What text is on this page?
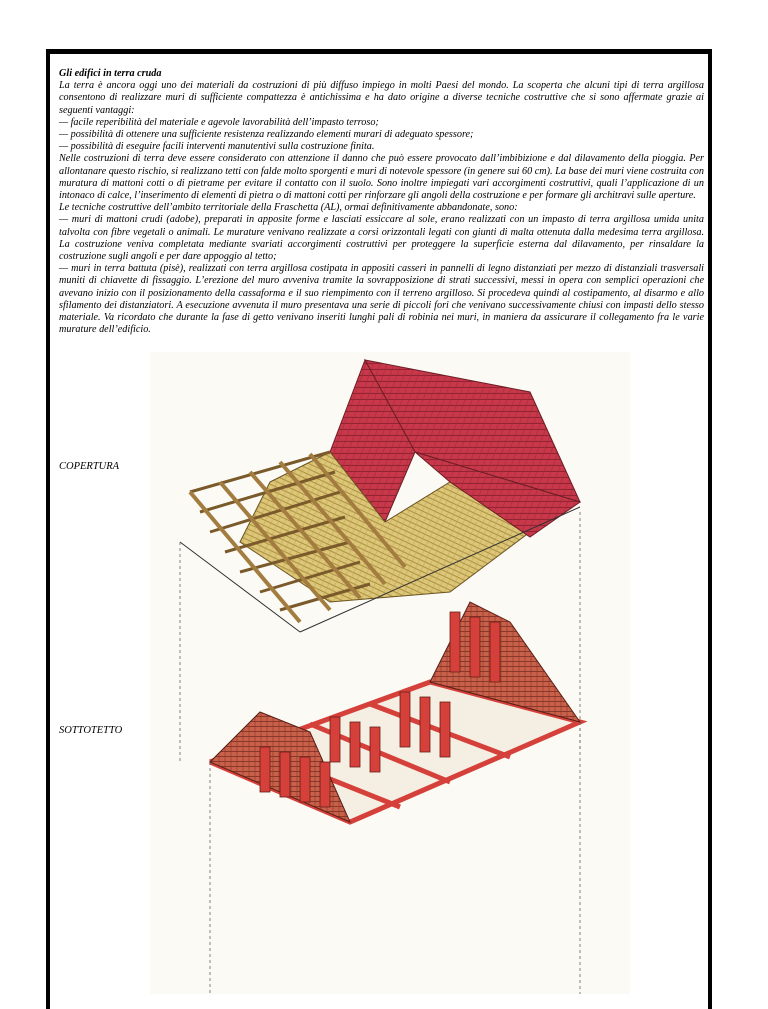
Gli edifici in terra cruda

La terra è ancora oggi uno dei materiali da costruzioni di più diffuso impiego in molti Paesi del mondo. La scoperta che alcuni tipi di terra argillosa consentono di realizzare muri di sufficiente compattezza è antichissima e ha dato origine a diverse tecniche costruttive che si sono affermate grazie ai seguenti vantaggi:

— facile reperibilità del materiale e agevole lavorabilità dell’impasto terroso;

— possibilità di ottenere una sufficiente resistenza realizzando elementi murari di adeguato spessore;

— possibilità di eseguire facili interventi manutentivi sulla costruzione finita.

Nelle costruzioni di terra deve essere considerato con attenzione il danno che può essere provocato dall’imbibizione e dal dilavamento della pioggia. Per allontanare questo rischio, si realizzano tetti con falde molto sporgenti e muri di notevole spessore (in genere sui 60 cm). La base dei muri viene costruita con muratura di mattoni cotti o di pietrame per evitare il contatto con il suolo. Sono inoltre impiegati vari accorgimenti costruttivi, quali l’applicazione di un intonaco di calce, l’inserimento di elementi di pietra o di mattoni cotti per rinforzare gli angoli della costruzione e per formare gli architravi sulle aperture.

Le tecniche costruttive dell’ambito territoriale della Fraschetta (AL), ormai definitivamente abbandonate, sono:

— muri di mattoni crudi (adobe), preparati in apposite forme e lasciati essiccare al sole, erano realizzati con un impasto di terra argillosa umida unita talvolta con fibre vegetali o animali. Le murature venivano realizzate a corsi orizzontali legati con giunti di malta ottenuta dalla medesima terra argillosa. La costruzione veniva completata mediante svariati accorgimenti costruttivi per proteggere la superficie esterna dal dilavamento, per rinsaldare la costruzione sugli angoli e per dare appoggio al tetto;

— muri in terra battuta (pisè), realizzati con terra argillosa costipata in appositi casseri in pannelli di legno distanziati per mezzo di distanziali trasversali muniti di chiavette di fissaggio. L’erezione del muro avveniva tramite la sovrapposizione di strati successivi, messi in opera con semplici operazioni che avevano inizio con il posizionamento della cassaforma e il suo riempimento con il terreno argilloso. Si procedeva quindi al costipamento, al disarmo e allo sfilamento dei distanziatori. A esecuzione avvenuta il muro presentava una serie di piccoli fori che venivano successivamente chiusi con impasti dello stesso materiale. Va ricordato che durante la fase di getto venivano inseriti lunghi pali di robinia nei muri, in maniera da assicurare il collegamento fra le varie murature dell’edificio.

COPERTURA
SOTTOTETTO
